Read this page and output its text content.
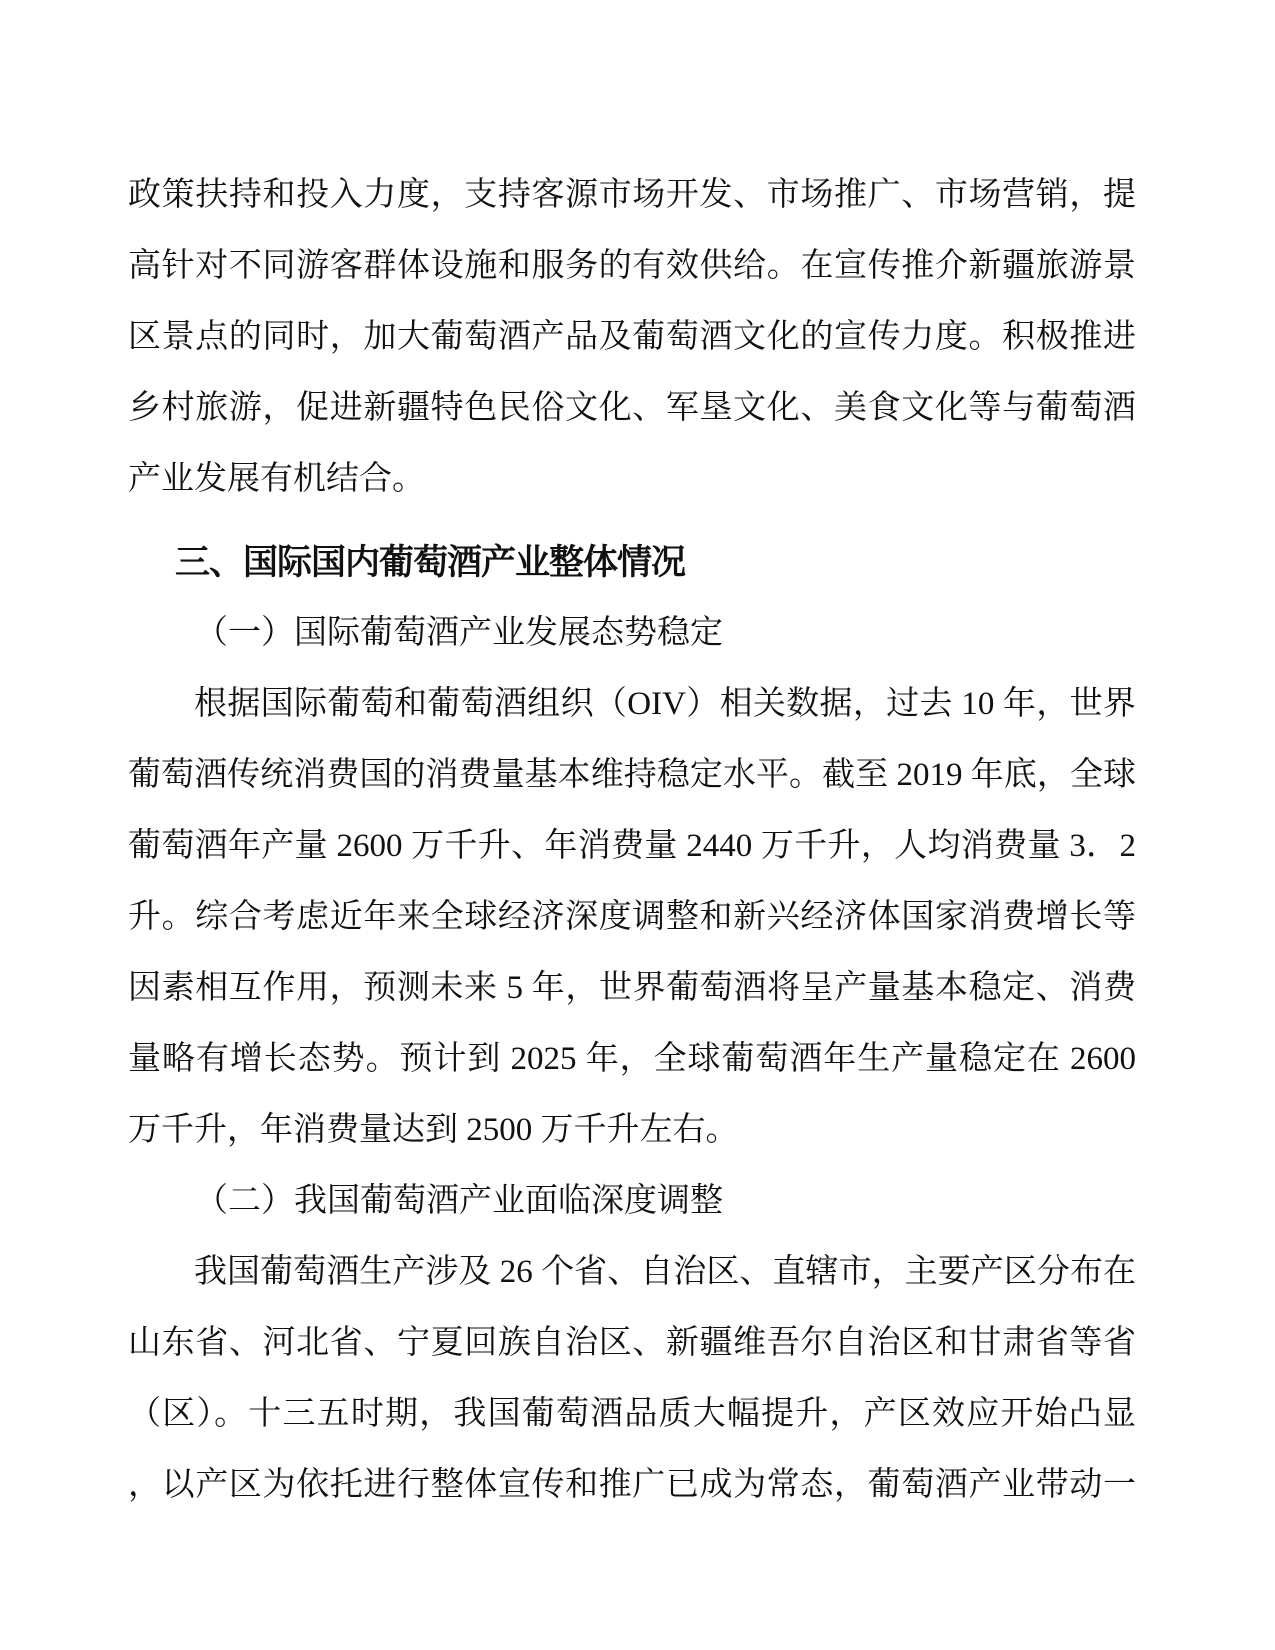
政策扶持和投入力度，支持客源市场开发、市场推广、市场营销，提
高针对不同游客群体设施和服务的有效供给。在宣传推介新疆旅游景
区景点的同时，加大葡萄酒产品及葡萄酒文化的宣传力度。积极推进
乡村旅游，促进新疆特色民俗文化、军垦文化、美食文化等与葡萄酒
产业发展有机结合。
三、国际国内葡萄酒产业整体情况
（一）国际葡萄酒产业发展态势稳定
根据国际葡萄和葡萄酒组织（OIV）相关数据，过去 10 年，世界
葡萄酒传统消费国的消费量基本维持稳定水平。截至 2019 年底，全球
葡萄酒年产量 2600 万千升、年消费量 2440 万千升，人均消费量 3．2
升。综合考虑近年来全球经济深度调整和新兴经济体国家消费增长等
因素相互作用，预测未来 5 年，世界葡萄酒将呈产量基本稳定、消费
量略有增长态势。预计到 2025 年，全球葡萄酒年生产量稳定在 2600
万千升，年消费量达到 2500 万千升左右。
（二）我国葡萄酒产业面临深度调整
我国葡萄酒生产涉及 26 个省、自治区、直辖市，主要产区分布在
山东省、河北省、宁夏回族自治区、新疆维吾尔自治区和甘肃省等省
（区）。十三五时期，我国葡萄酒品质大幅提升，产区效应开始凸显
，以产区为依托进行整体宣传和推广已成为常态，葡萄酒产业带动一
